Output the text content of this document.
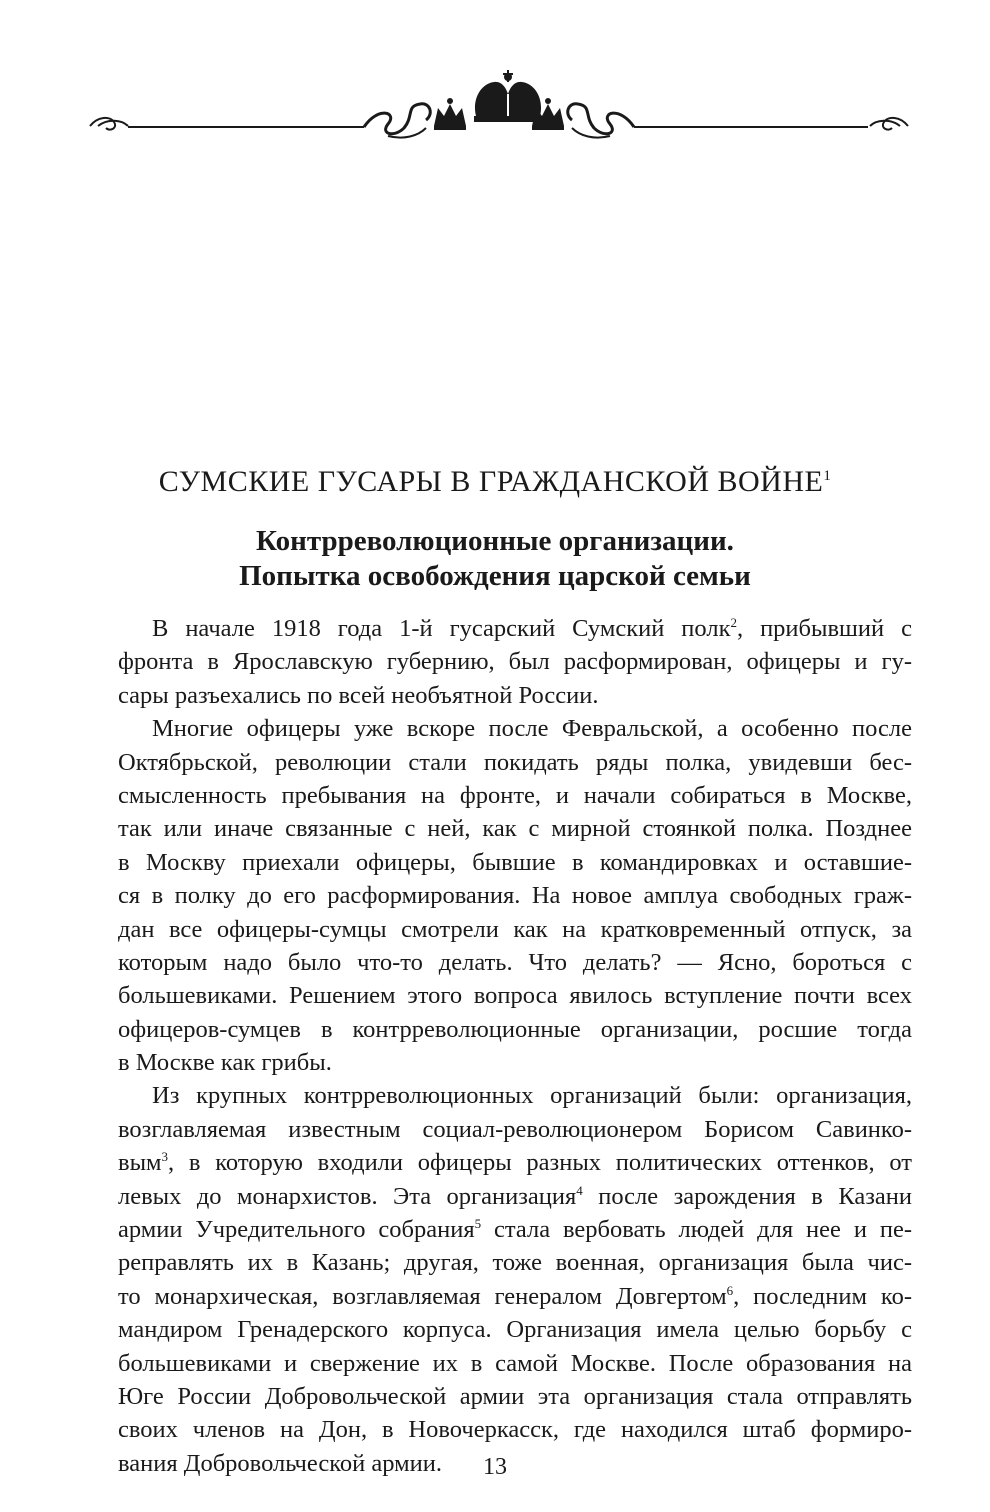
СУМСКИЕ ГУСАРЫ В ГРАЖДАНСКОЙ ВОЙНЕ$^1$
Контрреволюционные организации.
Попытка освобождения царской семьи
В начале 1918 года 1-й гусарский Сумский полк$^2$, прибывший с
фронта в Ярославскую губернию, был расформирован, офицеры и гу-
сары разъехались по всей необъятной России.
Многие офицеры уже вскоре после Февральской, а особенно после
Октябрьской, революции стали покидать ряды полка, увидевши бес-
смысленность пребывания на фронте, и начали собираться в Москве,
так или иначе связанные с ней, как с мирной стоянкой полка. Позднее
в Москву приехали офицеры, бывшие в командировках и оставшие-
ся в полку до его расформирования. На новое амплуа свободных граж-
дан все офицеры-сумцы смотрели как на кратковременный отпуск, за
которым надо было что-то делать. Что делать? — Ясно, бороться с
большевиками. Решением этого вопроса явилось вступление почти всех
офицеров-сумцев в контрреволюционные организации, росшие тогда
в Москве как грибы.
Из крупных контрреволюционных организаций были: организация,
возглавляемая известным социал-революционером Борисом Савинко-
вым$^3$, в которую входили офицеры разных политических оттенков, от
левых до монархистов. Эта организация$^4$ после зарождения в Казани
армии Учредительного собрания$^5$ стала вербовать людей для нее и пе-
реправлять их в Казань; другая, тоже военная, организация была чис-
то монархическая, возглавляемая генералом Довгертом$^6$, последним ко-
мандиром Гренадерского корпуса. Организация имела целью борьбу с
большевиками и свержение их в самой Москве. После образования на
Юге России Добровольческой армии эта организация стала отправлять
своих членов на Дон, в Новочеркасск, где находился штаб формиро-
вания Добровольческой армии.	13
